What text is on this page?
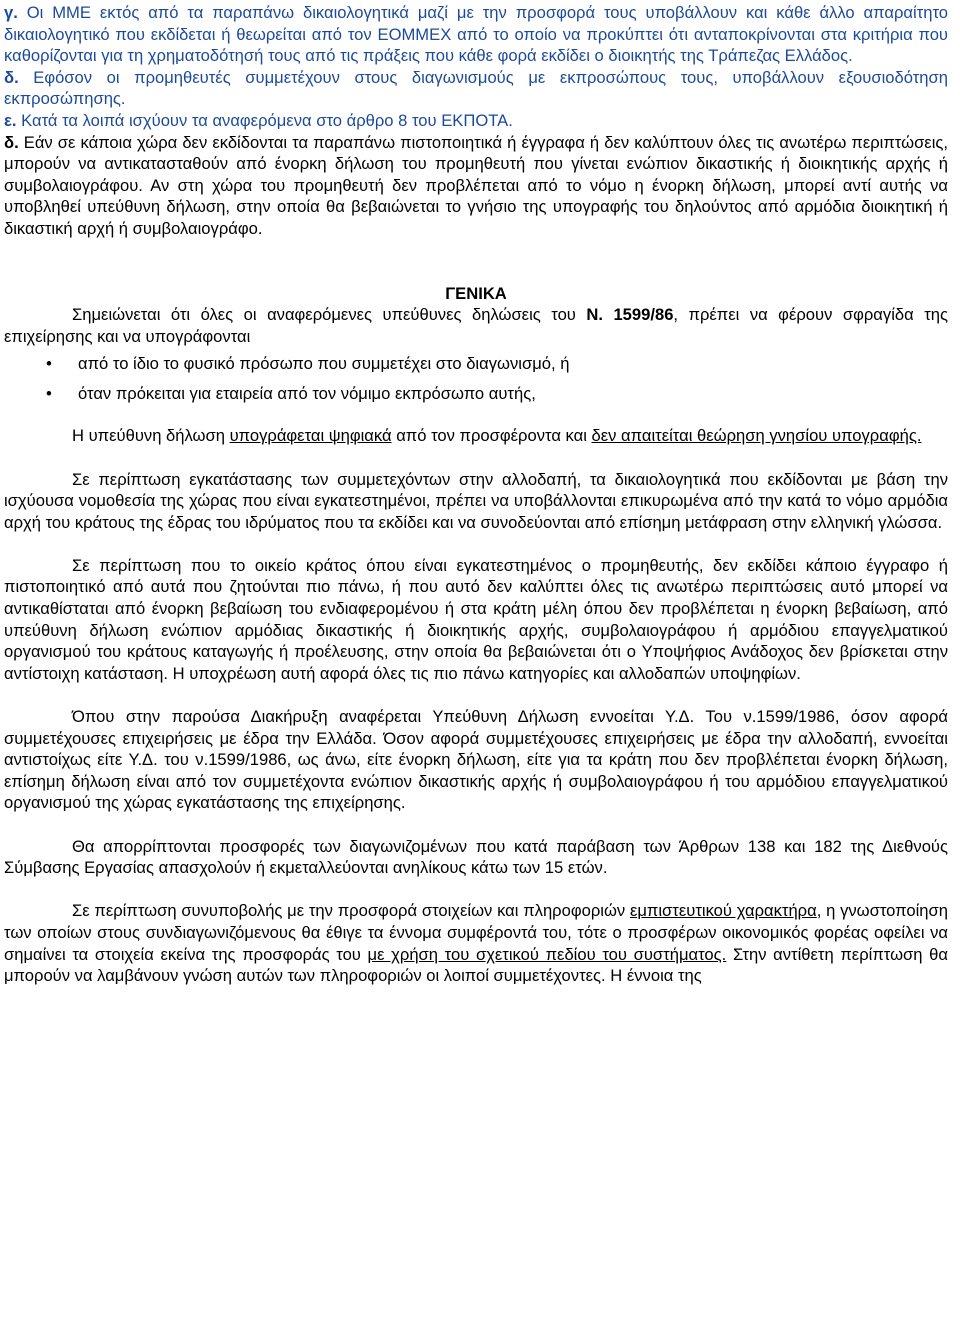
γ. Οι ΜΜΕ εκτός από τα παραπάνω δικαιολογητικά μαζί με την προσφορά τους υποβάλλουν και κάθε άλλο απαραίτητο δικαιολογητικό που εκδίδεται ή θεωρείται από τον ΕΟΜΜΕΧ από το οποίο να προκύπτει ότι ανταποκρίνονται στα κριτήρια που καθορίζονται για τη χρηματοδότησή τους από τις πράξεις που κάθε φορά εκδίδει ο διοικητής της Τράπεζας Ελλάδος.

δ. Εφόσον οι προμηθευτές συμμετέχουν στους διαγωνισμούς με εκπροσώπους τους, υποβάλλουν εξουσιοδότηση εκπροσώπησης.

ε. Κατά τα λοιπά ισχύουν τα αναφερόμενα στο άρθρο 8 του ΕΚΠΟΤΑ.

δ. Εάν σε κάποια χώρα δεν εκδίδονται τα παραπάνω πιστοποιητικά ή έγγραφα ή δεν καλύπτουν όλες τις ανωτέρω περιπτώσεις, μπορούν να αντικατασταθούν από ένορκη δήλωση του προμηθευτή που γίνεται ενώπιον δικαστικής ή διοικητικής αρχής ή συμβολαιογράφου. Αν στη χώρα του προμηθευτή δεν προβλέπεται από το νόμο η ένορκη δήλωση, μπορεί αντί αυτής να υποβληθεί υπεύθυνη δήλωση, στην οποία θα βεβαιώνεται το γνήσιο της υπογραφής του δηλούντος από αρμόδια διοικητική ή δικαστική αρχή ή συμβολαιογράφο.

ΓΕΝΙΚΑ

Σημειώνεται ότι όλες οι αναφερόμενες υπεύθυνες δηλώσεις του Ν. 1599/86, πρέπει να φέρουν σφραγίδα της επιχείρησης και να υπογράφονται

• από το ίδιο το φυσικό πρόσωπο που συμμετέχει στο διαγωνισμό, ή
• όταν πρόκειται για εταιρεία από τον νόμιμο εκπρόσωπο αυτής,

Η υπεύθυνη δήλωση υπογράφεται ψηφιακά από τον προσφέροντα και δεν απαιτείται θεώρηση γνησίου υπογραφής.

Σε περίπτωση εγκατάστασης των συμμετεχόντων στην αλλοδαπή, τα δικαιολογητικά που εκδίδονται με βάση την ισχύουσα νομοθεσία της χώρας που είναι εγκατεστημένοι, πρέπει να υποβάλλονται επικυρωμένα από την κατά το νόμο αρμόδια αρχή του κράτους της έδρας του ιδρύματος που τα εκδίδει και να συνοδεύονται από επίσημη μετάφραση στην ελληνική γλώσσα.

Σε περίπτωση που το οικείο κράτος όπου είναι εγκατεστημένος ο προμηθευτής, δεν εκδίδει κάποιο έγγραφο ή πιστοποιητικό από αυτά που ζητούνται πιο πάνω, ή που αυτό δεν καλύπτει όλες τις ανωτέρω περιπτώσεις αυτό μπορεί να αντικαθίσταται από ένορκη βεβαίωση του ενδιαφερομένου ή στα κράτη μέλη όπου δεν προβλέπεται η ένορκη βεβαίωση, από υπεύθυνη δήλωση ενώπιον αρμόδιας δικαστικής ή διοικητικής αρχής, συμβολαιογράφου ή αρμόδιου επαγγελματικού οργανισμού του κράτους καταγωγής ή προέλευσης, στην οποία θα βεβαιώνεται ότι ο Υποψήφιος Ανάδοχος δεν βρίσκεται στην αντίστοιχη κατάσταση. Η υποχρέωση αυτή αφορά όλες τις πιο πάνω κατηγορίες και αλλοδαπών υποψηφίων.

Όπου στην παρούσα Διακήρυξη αναφέρεται Υπεύθυνη Δήλωση εννοείται Υ.Δ. Του ν.1599/1986, όσον αφορά συμμετέχουσες επιχειρήσεις με έδρα την Ελλάδα. Όσον αφορά συμμετέχουσες επιχειρήσεις με έδρα την αλλοδαπή, εννοείται αντιστοίχως είτε Υ.Δ. του ν.1599/1986, ως άνω, είτε ένορκη δήλωση, είτε για τα κράτη που δεν προβλέπεται ένορκη δήλωση, επίσημη δήλωση είναι από τον συμμετέχοντα ενώπιον δικαστικής αρχής ή συμβολαιογράφου ή του αρμόδιου επαγγελματικού οργανισμού της χώρας εγκατάστασης της επιχείρησης.

Θα απορρίπτονται προσφορές των διαγωνιζομένων που κατά παράβαση των Άρθρων 138 και 182 της Διεθνούς Σύμβασης Εργασίας απασχολούν ή εκμεταλλεύονται ανηλίκους κάτω των 15 ετών.

Σε περίπτωση συνυποβολής με την προσφορά στοιχείων και πληροφοριών εμπιστευτικού χαρακτήρα, η γνωστοποίηση των οποίων στους συνδιαγωνιζόμενους θα έθιγε τα έννομα συμφέροντά του, τότε ο προσφέρων οικονομικός φορέας οφείλει να σημαίνει τα στοιχεία εκείνα της προσφοράς του με χρήση του σχετικού πεδίου του συστήματος. Στην αντίθετη περίπτωση θα μπορούν να λαμβάνουν γνώση αυτών των πληροφοριών οι λοιποί συμμετέχοντες. Η έννοια της
